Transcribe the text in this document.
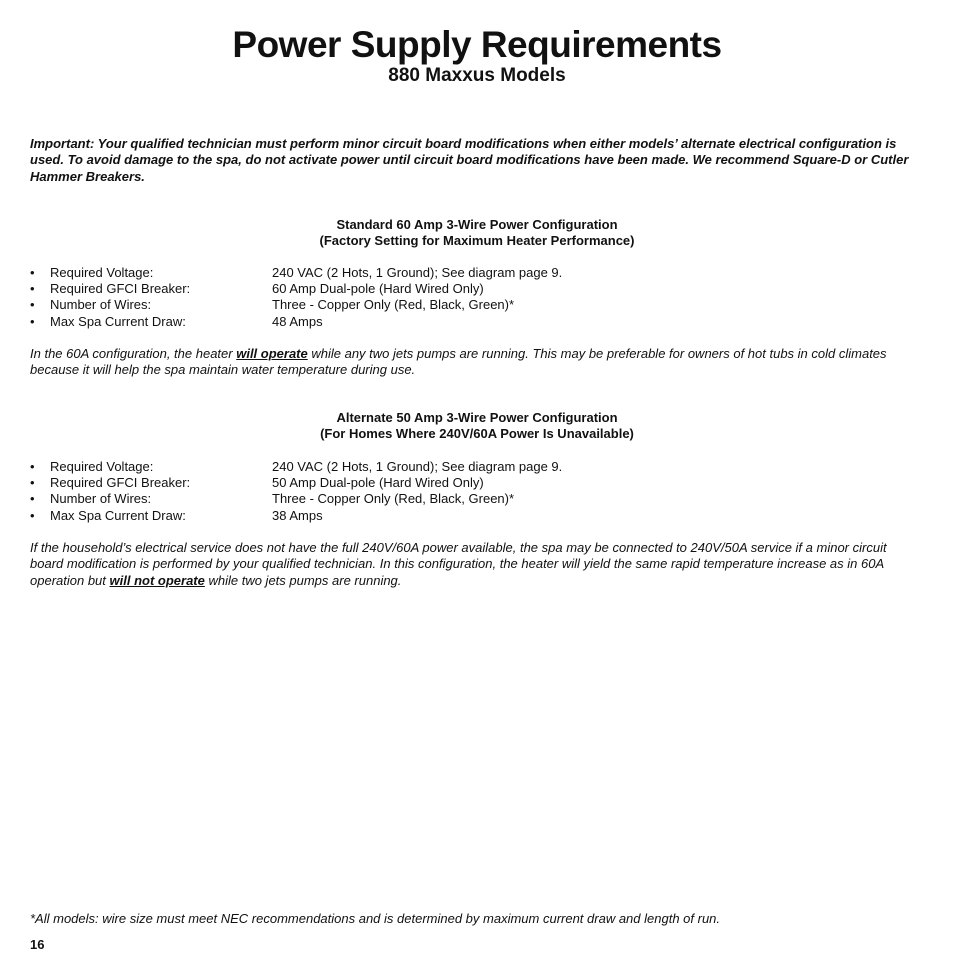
Power Supply Requirements
880 Maxxus Models
Important: Your qualified technician must perform minor circuit board modifications when either models’ alternate electrical configuration is used. To avoid damage to the spa, do not activate power until circuit board modifications have been made. We recommend Square-D or Cutler Hammer Breakers.
Standard 60 Amp 3-Wire Power Configuration
(Factory Setting for Maximum Heater Performance)
• Required Voltage:	240 VAC (2 Hots, 1 Ground); See diagram page 9.
• Required GFCI Breaker:	60 Amp Dual-pole (Hard Wired Only)
• Number of Wires:	Three - Copper Only (Red, Black, Green)*
• Max Spa Current Draw:	48 Amps
In the 60A configuration, the heater will operate while any two jets pumps are running. This may be preferable for owners of hot tubs in cold climates because it will help the spa maintain water temperature during use.
Alternate 50 Amp 3-Wire Power Configuration
(For Homes Where 240V/60A Power Is Unavailable)
• Required Voltage:	240 VAC (2 Hots, 1 Ground); See diagram page 9.
• Required GFCI Breaker:	50 Amp Dual-pole (Hard Wired Only)
• Number of Wires:	Three - Copper Only (Red, Black, Green)*
• Max Spa Current Draw:	38 Amps
If the household’s electrical service does not have the full 240V/60A power available, the spa may be connected to 240V/50A service if a minor circuit board modification is performed by your qualified technician. In this configuration, the heater will yield the same rapid temperature increase as in 60A operation but will not operate while two jets pumps are running.
*All models: wire size must meet NEC recommendations and is determined by maximum current draw and length of run.
16
